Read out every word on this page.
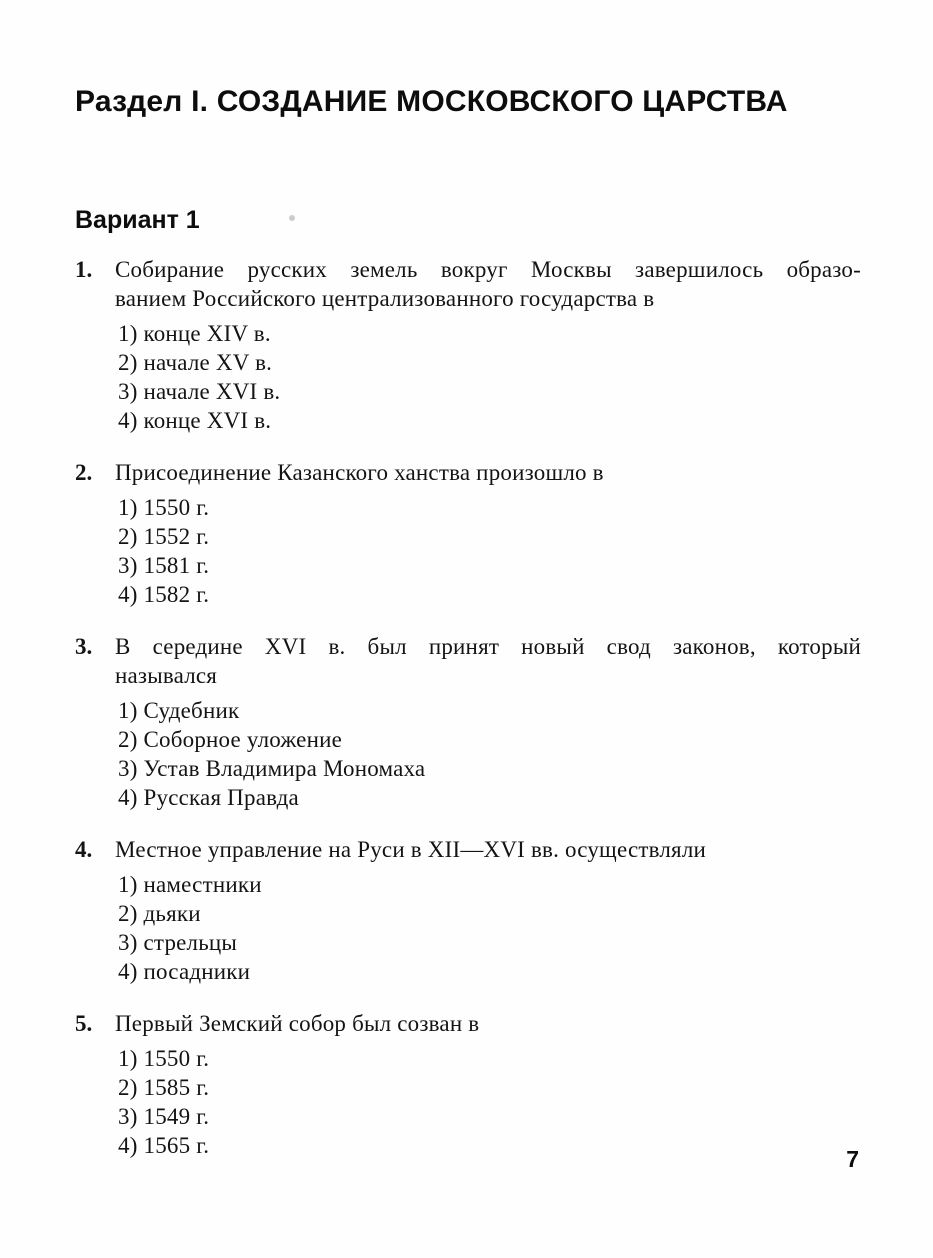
Раздел I. СОЗДАНИЕ МОСКОВСКОГО ЦАРСТВА
Вариант 1
1. Собирание русских земель вокруг Москвы завершилось образо-
ванием Российского централизованного государства в
1) конце XIV в.
2) начале XV в.
3) начале XVI в.
4) конце XVI в.
2. Присоединение Казанского ханства произошло в
1) 1550 г.
2) 1552 г.
3) 1581 г.
4) 1582 г.
3. В середине XVI в. был принят новый свод законов, который
назывался
1) Судебник
2) Соборное уложение
3) Устав Владимира Мономаха
4) Русская Правда
4. Местное управление на Руси в XII—XVI вв. осуществляли
1) наместники
2) дьяки
3) стрельцы
4) посадники
5. Первый Земский собор был созван в
1) 1550 г.
2) 1585 г.
3) 1549 г.
4) 1565 г.
7
